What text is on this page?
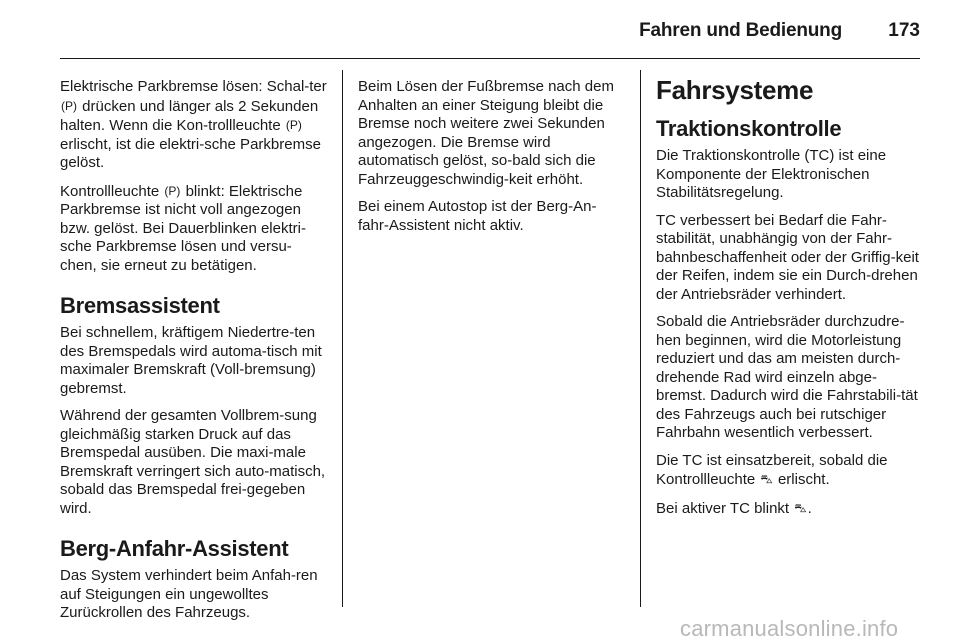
Fahren und Bedienung 173

Elektrische Parkbremse lösen: Schal-ter (P) drücken und länger als 2 Sekunden halten. Wenn die Kon-trollleuchte (P) erlischt, ist die elektri-sche Parkbremse gelöst.

Kontrollleuchte (P) blinkt: Elektrische Parkbremse ist nicht voll angezogen bzw. gelöst. Bei Dauerblinken elektri-sche Parkbremse lösen und versu-chen, sie erneut zu betätigen.

Bremsassistent

Bei schnellem, kräftigem Niedertre-ten des Bremspedals wird automa-tisch mit maximaler Bremskraft (Voll-bremsung) gebremst.

Während der gesamten Vollbrem-sung gleichmäßig starken Druck auf das Bremspedal ausüben. Die maxi-male Bremskraft verringert sich auto-matisch, sobald das Bremspedal frei-gegeben wird.

Berg-Anfahr-Assistent

Das System verhindert beim Anfah-ren auf Steigungen ein ungewolltes Zurückrollen des Fahrzeugs.

Beim Lösen der Fußbremse nach dem Anhalten an einer Steigung bleibt die Bremse noch weitere zwei Sekunden angezogen. Die Bremse wird automatisch gelöst, so-bald sich die Fahrzeuggeschwindig-keit erhöht.

Bei einem Autostop ist der Berg-An-fahr-Assistent nicht aktiv.

Fahrsysteme
Traktionskontrolle

Die Traktionskontrolle (TC) ist eine Komponente der Elektronischen Stabilitätsregelung.

TC verbessert bei Bedarf die Fahr-stabilität, unabhängig von der Fahr-bahnbeschaffenheit oder der Griffig-keit der Reifen, indem sie ein Durch-drehen der Antriebsräder verhindert.

Sobald die Antriebsräder durchzudre-hen beginnen, wird die Motorleistung reduziert und das am meisten durch-drehende Rad wird einzeln abge-bremst. Dadurch wird die Fahrstabili-tät des Fahrzeugs auch bei rutschiger Fahrbahn wesentlich verbessert.

Die TC ist einsatzbereit, sobald die Kontrollleuchte ⛍ erlischt.

Bei aktiver TC blinkt ⛍.

carmanualsonline.info
